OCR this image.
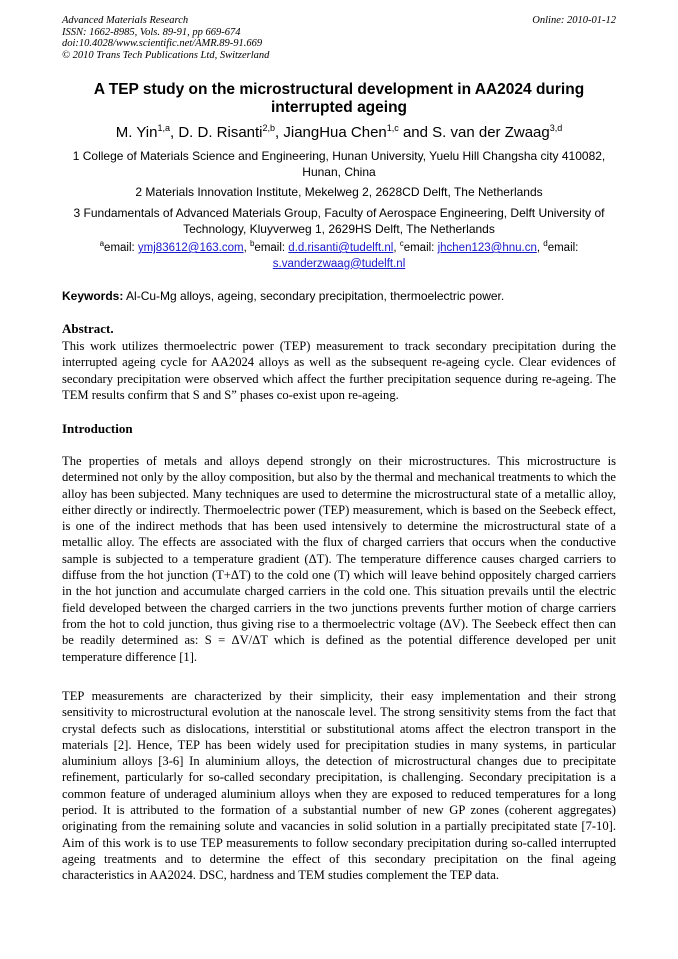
Advanced Materials Research
ISSN: 1662-8985, Vols. 89-91, pp 669-674
doi:10.4028/www.scientific.net/AMR.89-91.669
© 2010 Trans Tech Publications Ltd, Switzerland
Online: 2010-01-12
A TEP study on the microstructural development in AA2024 during interrupted ageing
M. Yin$^{1,a}$, D. D. Risanti$^{2,b}$, JiangHua Chen$^{1,c}$ and S. van der Zwaag$^{3,d}$
1 College of Materials Science and Engineering, Hunan University, Yuelu Hill Changsha city 410082, Hunan, China
2 Materials Innovation Institute, Mekelweg 2, 2628CD Delft, The Netherlands
3 Fundamentals of Advanced Materials Group, Faculty of Aerospace Engineering, Delft University of Technology, Kluyverweg 1, 2629HS Delft, The Netherlands
$^a$email: ymj83612@163.com, $^b$email: d.d.risanti@tudelft.nl, $^c$email: jhchen123@hnu.cn, $^d$email: s.vanderzwaag@tudelft.nl
Keywords: Al-Cu-Mg alloys, ageing, secondary precipitation, thermoelectric power.
Abstract.
This work utilizes thermoelectric power (TEP) measurement to track secondary precipitation during the interrupted ageing cycle for AA2024 alloys as well as the subsequent re-ageing cycle. Clear evidences of secondary precipitation were observed which affect the further precipitation sequence during re-ageing. The TEM results confirm that S and S” phases co-exist upon re-ageing.
Introduction
The properties of metals and alloys depend strongly on their microstructures. This microstructure is determined not only by the alloy composition, but also by the thermal and mechanical treatments to which the alloy has been subjected. Many techniques are used to determine the microstructural state of a metallic alloy, either directly or indirectly. Thermoelectric power (TEP) measurement, which is based on the Seebeck effect, is one of the indirect methods that has been used intensively to determine the microstructural state of a metallic alloy. The effects are associated with the flux of charged carriers that occurs when the conductive sample is subjected to a temperature gradient (ΔT). The temperature difference causes charged carriers to diffuse from the hot junction (T+ΔT) to the cold one (T) which will leave behind oppositely charged carriers in the hot junction and accumulate charged carriers in the cold one. This situation prevails until the electric field developed between the charged carriers in the two junctions prevents further motion of charge carriers from the hot to cold junction, thus giving rise to a thermoelectric voltage (ΔV). The Seebeck effect then can be readily determined as: S = ΔV/ΔT which is defined as the potential difference developed per unit temperature difference [1].
TEP measurements are characterized by their simplicity, their easy implementation and their strong sensitivity to microstructural evolution at the nanoscale level. The strong sensitivity stems from the fact that crystal defects such as dislocations, interstitial or substitutional atoms affect the electron transport in the materials [2]. Hence, TEP has been widely used for precipitation studies in many systems, in particular aluminium alloys [3-6] In aluminium alloys, the detection of microstructural changes due to precipitate refinement, particularly for so-called secondary precipitation, is challenging. Secondary precipitation is a common feature of underaged aluminium alloys when they are exposed to reduced temperatures for a long period. It is attributed to the formation of a substantial number of new GP zones (coherent aggregates) originating from the remaining solute and vacancies in solid solution in a partially precipitated state [7-10]. Aim of this work is to use TEP measurements to follow secondary precipitation during so-called interrupted ageing treatments and to determine the effect of this secondary precipitation on the final ageing characteristics in AA2024. DSC, hardness and TEM studies complement the TEP data.
